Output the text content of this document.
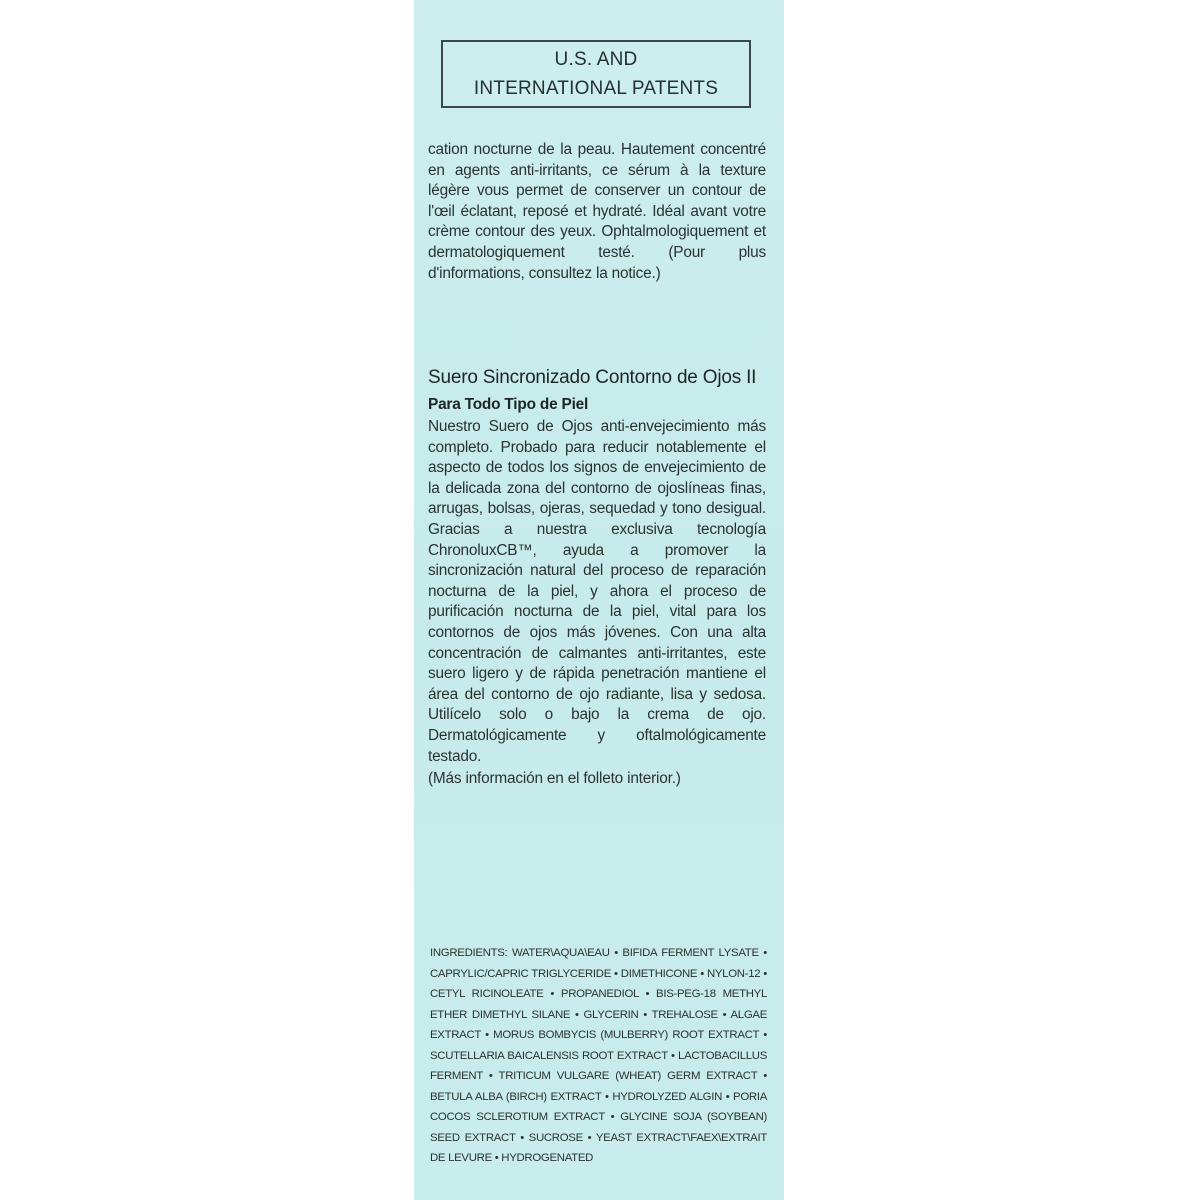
U.S. AND
INTERNATIONAL PATENTS
cation nocturne de la peau. Hautement concentré en agents anti-irritants, ce sérum à la texture légère vous permet de conserver un contour de l'œil éclatant, reposé et hydraté. Idéal avant votre crème contour des yeux. Ophtalmologiquement et dermatologiquement testé. (Pour plus d'informations, consultez la notice.)
Suero Sincronizado Contorno de Ojos II
Para Todo Tipo de Piel
Nuestro Suero de Ojos anti-envejecimiento más completo. Probado para reducir notablemente el aspecto de todos los signos de envejecimiento de la delicada zona del contorno de ojoslíneas finas, arrugas, bolsas, ojeras, sequedad y tono desigual. Gracias a nuestra exclusiva tecnología ChronoluxCB™, ayuda a promover la sincronización natural del proceso de reparación nocturna de la piel, y ahora el proceso de purificación nocturna de la piel, vital para los contornos de ojos más jóvenes. Con una alta concentración de calmantes anti-irritantes, este suero ligero y de rápida penetración mantiene el área del contorno de ojo radiante, lisa y sedosa. Utilícelo solo o bajo la crema de ojo. Dermatológicamente y oftalmológicamente testado.
(Más información en el folleto interior.)
INGREDIENTS: WATER\AQUA\EAU • BIFIDA FERMENT LYSATE • CAPRYLIC/CAPRIC TRIGLYCERIDE • DIMETHICONE • NYLON-12 • CETYL RICINOLEATE • PROPANEDIOL • BIS-PEG-18 METHYL ETHER DIMETHYL SILANE • GLYCERIN • TREHALOSE • ALGAE EXTRACT • MORUS BOMBYCIS (MULBERRY) ROOT EXTRACT • SCUTELLARIA BAICALENSIS ROOT EXTRACT • LACTOBACILLUS FERMENT • TRITICUM VULGARE (WHEAT) GERM EXTRACT • BETULA ALBA (BIRCH) EXTRACT • HYDROLYZED ALGIN • PORIA COCOS SCLEROTIUM EXTRACT • GLYCINE SOJA (SOYBEAN) SEED EXTRACT • SUCROSE • YEAST EXTRACT\FAEX\EXTRAIT DE LEVURE • HYDROGENATED
